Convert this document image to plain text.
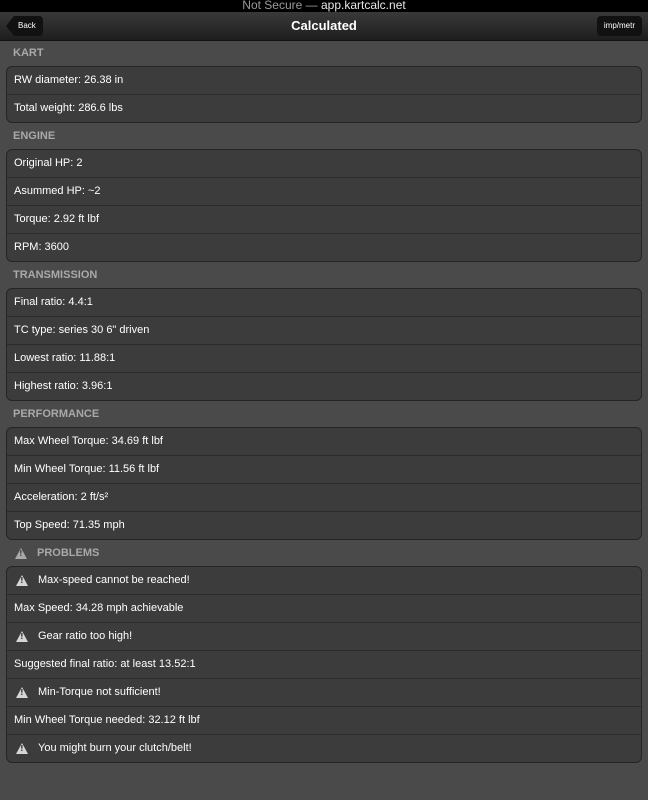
Not Secure — app.kartcalc.net
Back	Calculated	imp/metr
KART
RW diameter: 26.38 in
Total weight: 286.6 lbs
ENGINE
Original HP: 2
Asummed HP: ~2
Torque: 2.92 ft lbf
RPM: 3600
TRANSMISSION
Final ratio: 4.4:1
TC type: series 30 6" driven
Lowest ratio: 11.88:1
Highest ratio: 3.96:1
PERFORMANCE
Max Wheel Torque: 34.69 ft lbf
Min Wheel Torque: 11.56 ft lbf
Acceleration: 2 ft/s²
Top Speed: 71.35 mph
!
PROBLEMS
!
Max-speed cannot be reached!
Max Speed: 34.28 mph achievable
!
Gear ratio too high!
Suggested final ratio: at least 13.52:1
!
Min-Torque not sufficient!
Min Wheel Torque needed: 32.12 ft lbf
!
You might burn your clutch/belt!
